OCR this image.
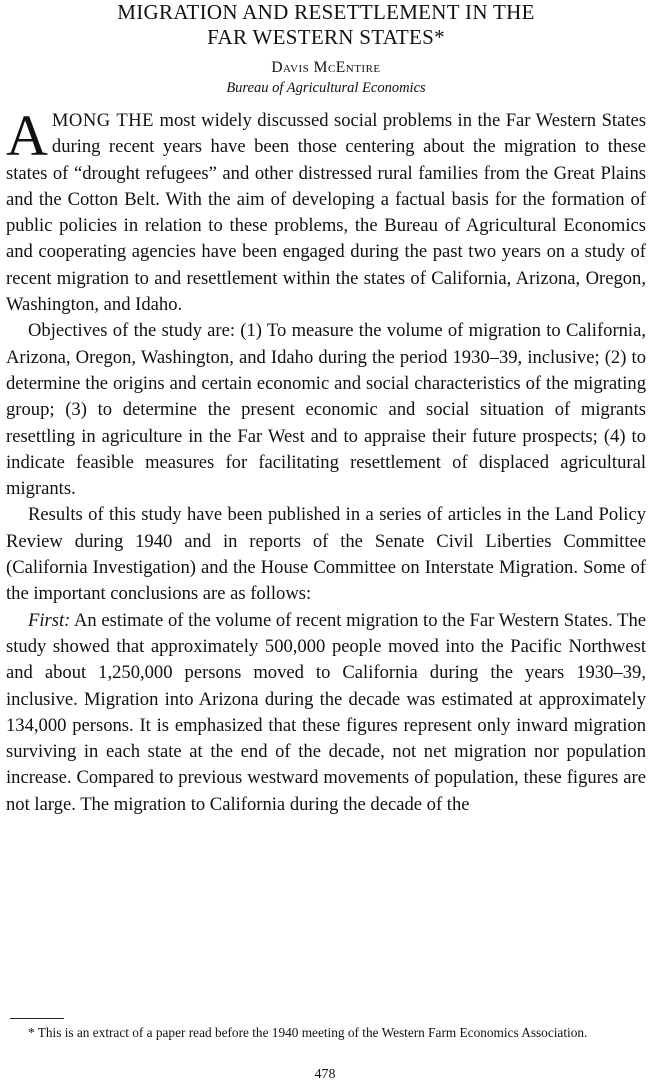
MIGRATION AND RESETTLEMENT IN THE
FAR WESTERN STATES*
Davis McEntire
Bureau of Agricultural Economics

AMONG THE most widely discussed social problems in the Far Western States during recent years have been those centering about the migration to these states of “drought refugees” and other distressed rural families from the Great Plains and the Cotton Belt. With the aim of developing a factual basis for the formation of public policies in relation to these problems, the Bureau of Agricultural Economics and cooperating agencies have been engaged during the past two years on a study of recent migration to and resettlement within the states of California, Arizona, Oregon, Washington, and Idaho.

Objectives of the study are: (1) To measure the volume of migration to California, Arizona, Oregon, Washington, and Idaho during the period 1930–39, inclusive; (2) to determine the origins and certain economic and social characteristics of the migrating group; (3) to determine the present economic and social situation of migrants resettling in agriculture in the Far West and to appraise their future prospects; (4) to indicate feasible measures for facilitating resettlement of displaced agricultural migrants.

Results of this study have been published in a series of articles in the Land Policy Review during 1940 and in reports of the Senate Civil Liberties Committee (California Investigation) and the House Committee on Interstate Migration. Some of the important conclusions are as follows:

First: An estimate of the volume of recent migration to the Far Western States. The study showed that approximately 500,000 people moved into the Pacific Northwest and about 1,250,000 persons moved to California during the years 1930–39, inclusive. Migration into Arizona during the decade was estimated at approximately 134,000 persons. It is emphasized that these figures represent only inward migration surviving in each state at the end of the decade, not net migration nor population increase. Compared to previous westward movements of population, these figures are not large. The migration to California during the decade of the

* This is an extract of a paper read before the 1940 meeting of the Western Farm Economics Association.
478
